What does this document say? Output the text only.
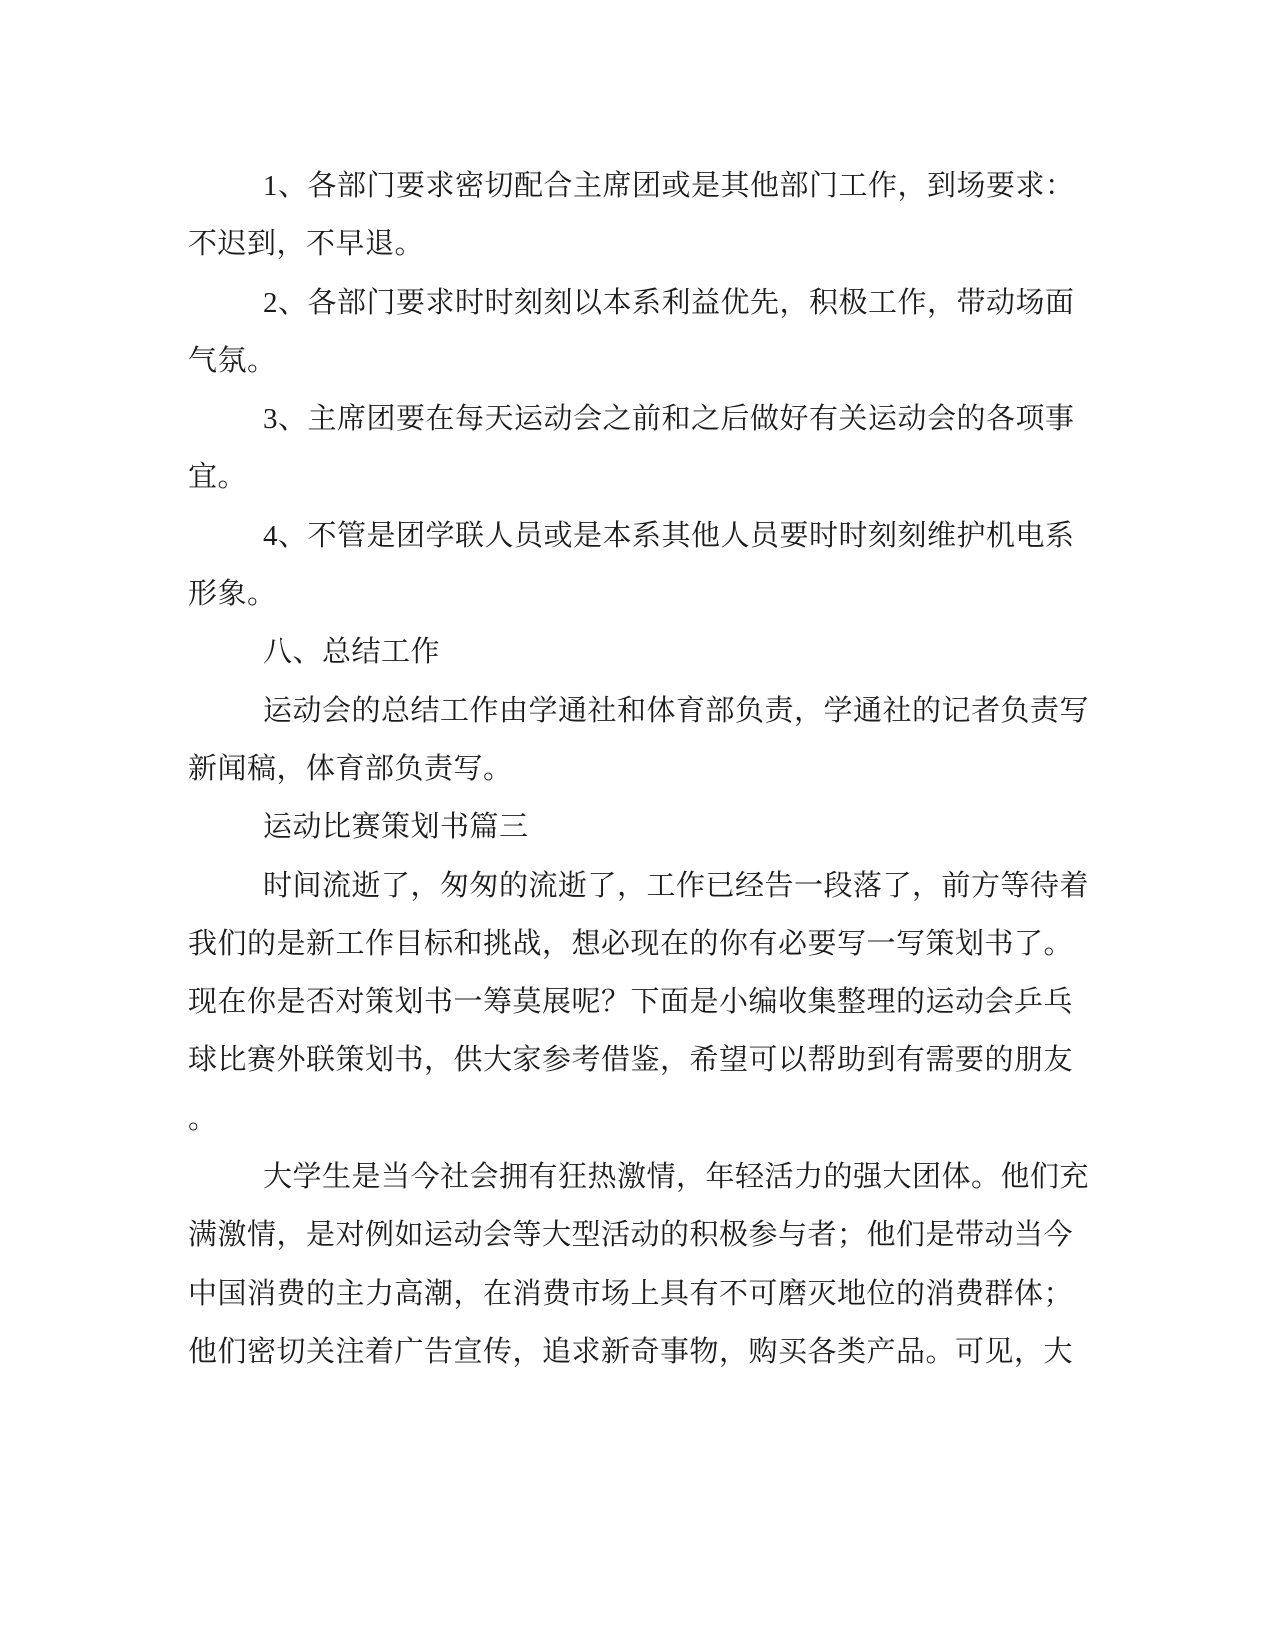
1、各部门要求密切配合主席团或是其他部门工作，到场要求：
不迟到，不早退。
2、各部门要求时时刻刻以本系利益优先，积极工作，带动场面
气氛。
3、主席团要在每天运动会之前和之后做好有关运动会的各项事
宜。
4、不管是团学联人员或是本系其他人员要时时刻刻维护机电系
形象。
八、总结工作
运动会的总结工作由学通社和体育部负责，学通社的记者负责写
新闻稿，体育部负责写。
运动比赛策划书篇三
时间流逝了，匆匆的流逝了，工作已经告一段落了，前方等待着
我们的是新工作目标和挑战，想必现在的你有必要写一写策划书了。
现在你是否对策划书一筹莫展呢？下面是小编收集整理的运动会乒乓
球比赛外联策划书，供大家参考借鉴，希望可以帮助到有需要的朋友
。
大学生是当今社会拥有狂热激情，年轻活力的强大团体。他们充
满激情，是对例如运动会等大型活动的积极参与者；他们是带动当今
中国消费的主力高潮，在消费市场上具有不可磨灭地位的消费群体；
他们密切关注着广告宣传，追求新奇事物，购买各类产品。可见，大
